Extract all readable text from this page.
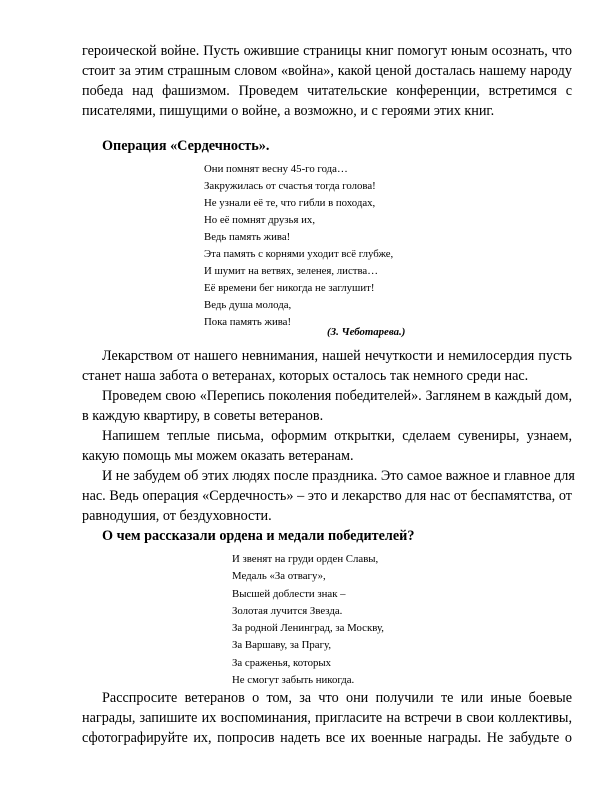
героической войне. Пусть ожившие страницы книг помогут юным осознать, что
стоит за этим страшным словом «война», какой ценой досталась нашему народу
победа над фашизмом. Проведем читательские конференции, встретимся с
писателями, пишущими о войне, а возможно, и с героями этих книг.
Операция «Сердечность».
Они помнят весну 45-го года…
Закружилась от счастья тогда голова!
Не узнали её те, что гибли в походах,
Но её помнят друзья их,
Ведь память жива!
Эта память с корнями уходит всё глубже,
И шумит на ветвях, зеленея, листва…
Её времени бег никогда не заглушит!
Ведь душа молода,
Пока память жива!
(З. Чеботарева.)
Лекарством от нашего невнимания, нашей нечуткости и немилосердия пусть
станет наша забота о ветеранах, которых осталось так немного среди нас.
Проведем свою «Перепись поколения победителей». Заглянем в каждый дом,
в каждую квартиру, в советы ветеранов.
Напишем теплые письма, оформим открытки, сделаем сувениры, узнаем,
какую помощь мы можем оказать ветеранам.
И не забудем об этих людях после праздника. Это самое важное и главное для
нас. Ведь операция «Сердечность» – это и лекарство для нас от беспамятства, от
равнодушия, от бездуховности.
О чем рассказали ордена и медали победителей?
И звенят на груди орден Славы,
Медаль «За отвагу»,
Высшей доблести знак –
Золотая лучится Звезда.
За родной Ленинград, за Москву,
За Варшаву, за Прагу,
За сраженья, которых
Не смогут забыть никогда.
Расспросите ветеранов о том, за что они получили те или иные боевые
награды, запишите их воспоминания, пригласите на встречи в свои коллективы,
сфотографируйте их, попросив надеть все их военные награды. Не забудьте о
